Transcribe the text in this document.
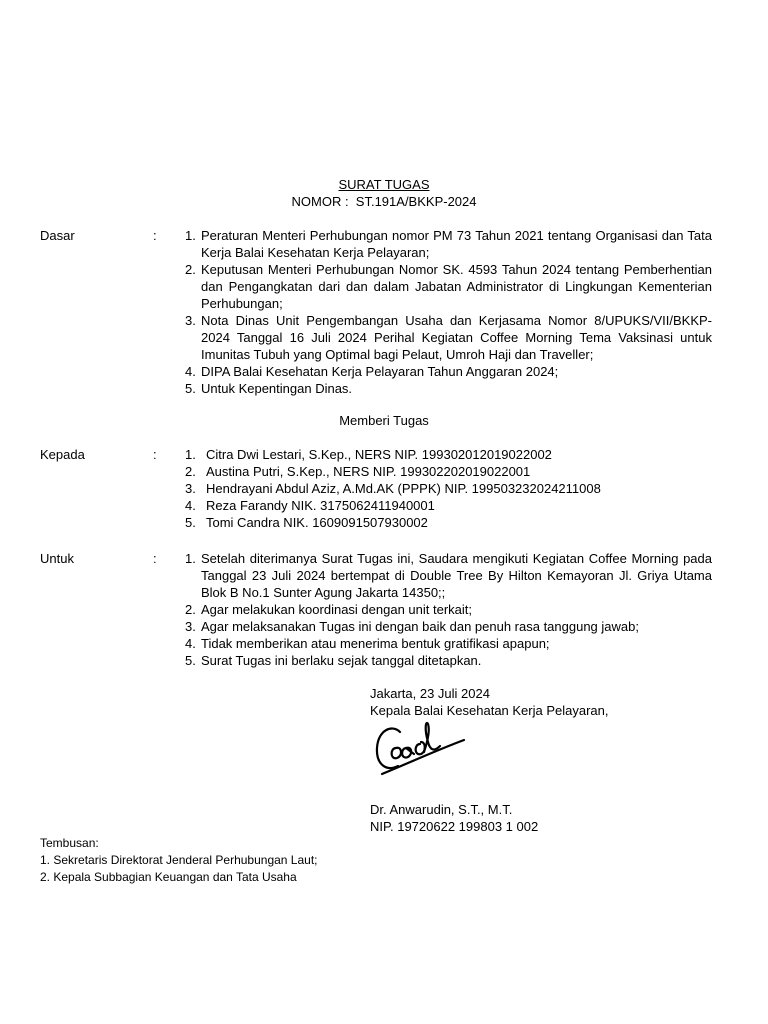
SURAT TUGAS
NOMOR : ST.191A/BKKP-2024
Dasar	: 1. Peraturan Menteri Perhubungan nomor PM 73 Tahun 2021 tentang Organisasi dan Tata Kerja Balai Kesehatan Kerja Pelayaran;
2. Keputusan Menteri Perhubungan Nomor SK. 4593 Tahun 2024 tentang Pemberhentian dan Pengangkatan dari dan dalam Jabatan Administrator di Lingkungan Kementerian Perhubungan;
3. Nota Dinas Unit Pengembangan Usaha dan Kerjasama Nomor 8/UPUKS/VII/BKKP-2024 Tanggal 16 Juli 2024 Perihal Kegiatan Coffee Morning Tema Vaksinasi untuk Imunitas Tubuh yang Optimal bagi Pelaut, Umroh Haji dan Traveller;
4. DIPA Balai Kesehatan Kerja Pelayaran Tahun Anggaran 2024;
5. Untuk Kepentingan Dinas.
Memberi Tugas
Kepada	: 1. Citra Dwi Lestari, S.Kep., NERS NIP. 199302012019022002
2. Austina Putri, S.Kep., NERS NIP. 199302202019022001
3. Hendrayani Abdul Aziz, A.Md.AK (PPPK) NIP. 199503232024211008
4. Reza Farandy NIK. 3175062411940001
5. Tomi Candra NIK. 1609091507930002
Untuk	: 1. Setelah diterimanya Surat Tugas ini, Saudara mengikuti Kegiatan Coffee Morning pada Tanggal 23 Juli 2024 bertempat di Double Tree By Hilton Kemayoran Jl. Griya Utama Blok B No.1 Sunter Agung Jakarta 14350;;
2. Agar melakukan koordinasi dengan unit terkait;
3. Agar melaksanakan Tugas ini dengan baik dan penuh rasa tanggung jawab;
4. Tidak memberikan atau menerima bentuk gratifikasi apapun;
5. Surat Tugas ini berlaku sejak tanggal ditetapkan.
Jakarta, 23 Juli 2024
Kepala Balai Kesehatan Kerja Pelayaran,
Dr. Anwarudin, S.T., M.T.
NIP. 19720622 199803 1 002
Tembusan:
1. Sekretaris Direktorat Jenderal Perhubungan Laut;
2. Kepala Subbagian Keuangan dan Tata Usaha
